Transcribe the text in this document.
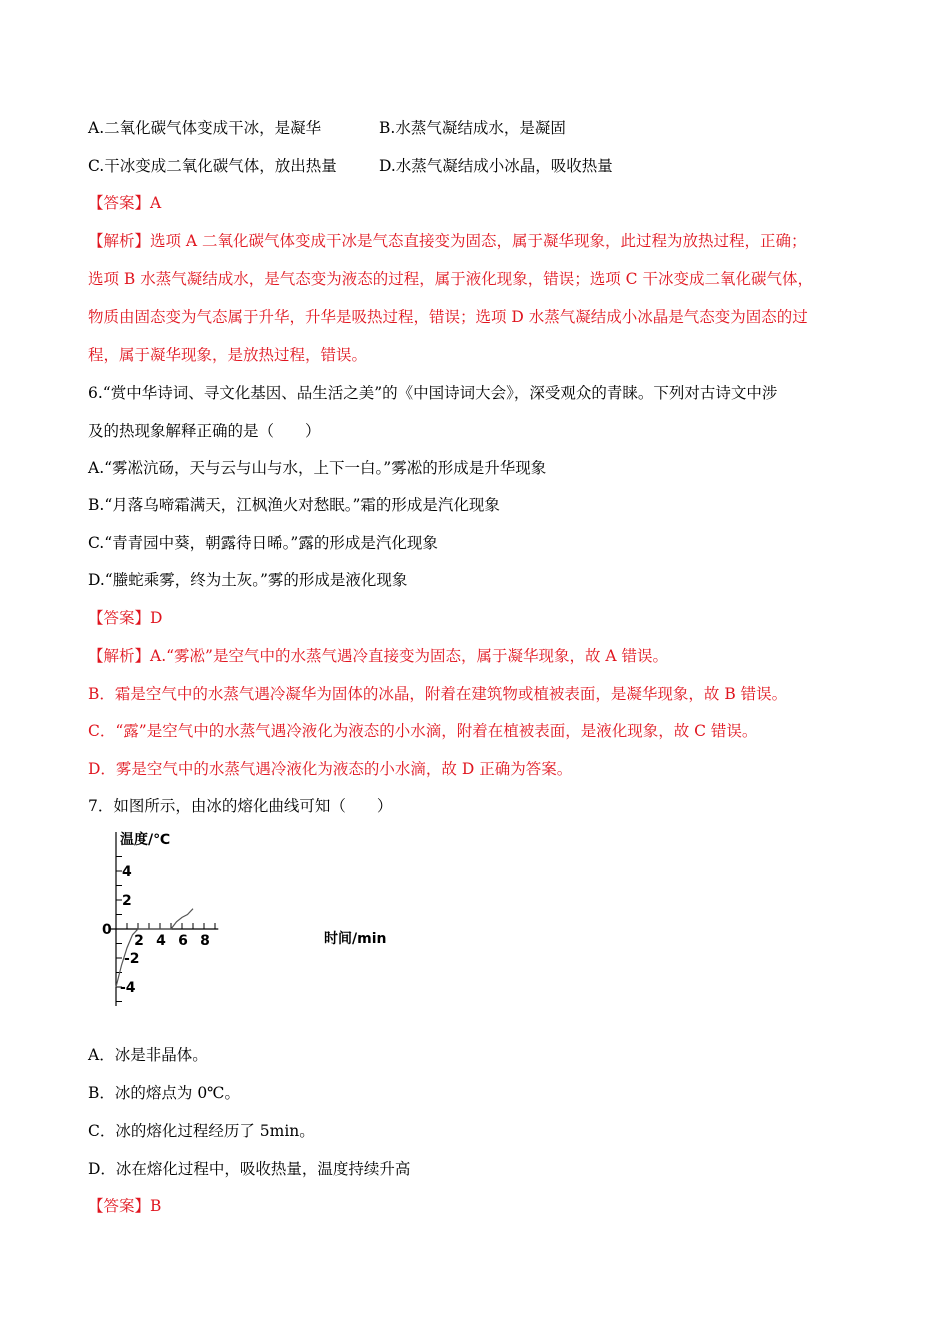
A.二氧化碳气体变成干冰，是凝华	B.水蒸气凝结成水，是凝固
C.干冰变成二氧化碳气体，放出热量	D.水蒸气凝结成小冰晶，吸收热量
【答案】A
【解析】选项 A 二氧化碳气体变成干冰是气态直接变为固态，属于凝华现象，此过程为放热过程，正确；
选项 B 水蒸气凝结成水，是气态变为液态的过程，属于液化现象，错误；选项 C 干冰变成二氧化碳气体，
物质由固态变为气态属于升华，升华是吸热过程，错误；选项 D 水蒸气凝结成小冰晶是气态变为固态的过
程，属于凝华现象，是放热过程，错误。
6.“赏中华诗词、寻文化基因、品生活之美”的《中国诗词大会》，深受观众的青睐。下列对古诗文中涉
及的热现象解释正确的是（　　）
A.“雾凇沆砀，天与云与山与水，上下一白。”雾凇的形成是升华现象
B.“月落乌啼霜满天，江枫渔火对愁眠。”霜的形成是汽化现象
C.“青青园中葵，朝露待日晞。”露的形成是汽化现象
D.“螣蛇乘雾，终为土灰。”雾的形成是液化现象
【答案】D
【解析】A.“雾凇”是空气中的水蒸气遇冷直接变为固态，属于凝华现象，故 A 错误。
B．霜是空气中的水蒸气遇冷凝华为固体的冰晶，附着在建筑物或植被表面，是凝华现象，故 B 错误。
C．“露”是空气中的水蒸气遇冷液化为液态的小水滴，附着在植被表面，是液化现象，故 C 错误。
D．雾是空气中的水蒸气遇冷液化为液态的小水滴，故 D 正确为答案。
7．如图所示，由冰的熔化曲线可知（　　）
温度/℃
0
2 4 6 8	时间/min
4
2
-2
-4
A．冰是非晶体。
B．冰的熔点为 0℃。
C．冰的熔化过程经历了 5min。
D．冰在熔化过程中，吸收热量，温度持续升高
【答案】B
